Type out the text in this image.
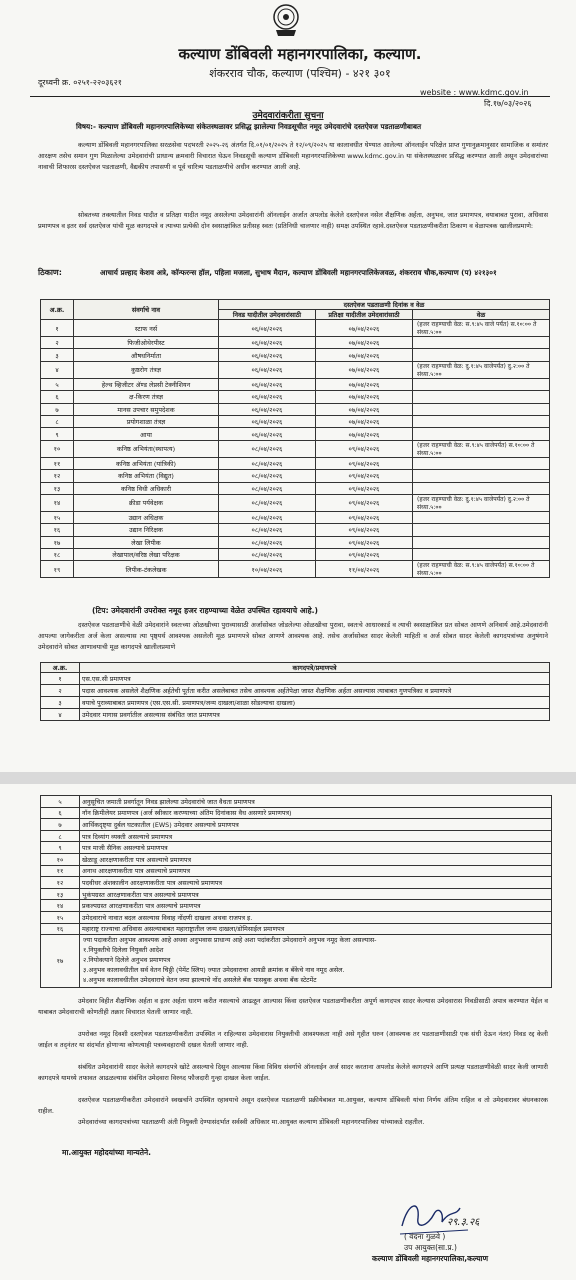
कल्याण डोंबिवली महानगरपालिका, कल्याण.
शंकरराव चौक, कल्याण (पश्चिम) - ४२१ ३०१
दूरध्वनी क्र. ०२५१-२२०३६२१
website : www.kdmc.gov.in
दि.१७/०३/२०२६
उमेदवारांकरीता सुचना
विषय:- कल्याण डोंबिवली महानगरपालिकेच्या संकेतस्थळावर प्रसिद्ध झालेल्या निवडसूचीत नमूद उमेदवारांचे दस्तऐवज पडताळणीबाबत
कल्याण डोंबिवली महानगरपालिका सरळसेवा पदभरती २०२५-२६ अंतर्गत दि.०१/०१/२०२५ ते १२/०९/२०२५ या कालावधीत घेण्यात आलेल्या ऑनलाईन परिक्षेत प्राप्त गुणानुक्रमानुसार सामाजिक व समांतर आरक्षण तसेच समान गुण मिळालेल्या उमेदवारांची प्राधान्य क्रमवारी विचारात घेऊन निवडसूची कल्याण डोंबिवली महानगरपालिकेच्या www.kdmc.gov.in या संकेतस्थळावर प्रसिद्ध करण्यात आली असून उमेदवारांच्या नावाची शिफारस दस्तऐवज पडताळणी, वैद्यकीय तपासणी व पूर्व चारित्र्य पडताळणीचे अधीन करण्यात आली आहे.
सोबतच्या तक्त्यातील निवड यादीत व प्रतिक्षा यादीत नमूद असलेल्या उमेदवारांनी ऑनलाईन अर्जात अपलोड केलेले दस्तऐवज नसेल शैक्षणिक अर्हता, अनुभव, जात प्रमाणपत्र, वयाबाबत पुरावा, अधिवास प्रमाणपत्र व इतर सर्व दस्तऐवज यांची मूळ कागदपत्रे व त्याच्या प्रत्येकी दोन स्वसाक्षांकित प्रतीसह स्वतः (प्रतिनिधी चालणार नाही) समक्ष उपस्थित रहावे.दस्तऐवज पडताळणीकरीता ठिकाण व वेळापत्रक खालीलप्रमाणे:
ठिकाण:	आचार्य प्रल्हाद केशव अत्रे, कॉन्फरन्स हॉल, पहिला मजला, सुभाष मैदान, कल्याण डोंबिवली महानगरपालिकेजवळ, शंकरराव चौक,कल्याण (प) ४२१३०१
अ.क्र.	संवर्गाचे नाव	दस्तऐवज पडताळणी दिनांक व वेळ		
		निवड यादीतील उमेदवारांसाठी	प्रतिक्षा यादीतील उमेदवारांसाठी	वेळ
१	स्टाफ नर्स	०६/०४/२०२६	०७/०४/२०२६	(हजर राहण्याची वेळ: स.९:४५ वाजे पर्यंत) स.१०:०० ते संध्या.५:००
२	फिजीओथेरपीस्ट	०६/०४/२०२६	०७/०४/२०२६	
३	औषधनिर्माता	०६/०४/२०२६	०७/०४/२०२६	
४	कुष्ठरोग तंत्रज्ञ	०६/०४/२०२६	०७/०४/२०२६	(हजर राहण्याची वेळ: दु.१:४५ वाजेपर्यंत) दु.२:०० ते संध्या.५:००
५	हेल्थ व्हिजीटर ॲण्ड लेप्रसी टेक्नीशियन	०६/०४/२०२६	०७/०४/२०२६	
६	क्ष-किरण तंत्रज्ञ	०६/०४/२०२६	०७/०४/२०२६	
७	मानस उपचार समुपदेशक	०६/०४/२०२६	०७/०४/२०२६	
८	प्रयोगशाळा तंत्रज्ञ	०६/०४/२०२६	०७/०४/२०२६	
९	आया	०६/०४/२०२६	०७/०४/२०२६	
१०	कनिष्ठ अभियंता(स्थापत्य)	०८/०४/२०२६	०९/०४/२०२६	(हजर राहण्याची वेळ: स.९:४५ वाजेपर्यंत) स.१०:०० ते संध्या.५:००
११	कनिष्ठ अभियंता (यांत्रिकी)	०८/०४/२०२६	०९/०४/२०२६	
१२	कनिष्ठ अभियंता (विद्युत)	०८/०४/२०२६	०९/०४/२०२६	
१३	कनिष्ठ विधी अधिकारी	०८/०४/२०२६	०९/०४/२०२६	
१४	क्रीडा पर्यवेक्षक	०८/०४/२०२६	०९/०४/२०२६	(हजर राहण्याची वेळ: दु.१:४५ वाजेपर्यंत) दु.२:०० ते संध्या.५:००
१५	उद्यान अधिक्षक	०८/०४/२०२६	०९/०४/२०२६	
१६	उद्यान निरिक्षक	०८/०४/२०२६	०९/०४/२०२६	
१७	लेखा लिपीक	०८/०४/२०२६	०९/०४/२०२६	
१८	लेखापाल/वरिष्ठ लेखा परिक्षक	०८/०४/२०२६	०९/०४/२०२६	
१९	लिपीक-टंकलेखक	१०/०४/२०२६	११/०४/२०२६	(हजर राहण्याची वेळ: स.९:४५ वाजेपर्यंत) स.१०:०० ते संध्या.५:००
(टिप: उमेदवारांनी उपरोक्त नमूद हजर राहण्याच्या वेळेत उपस्थित रहावयाचे आहे.)
दस्तऐवज पडताळणीचे वेळी उमेदवारांने स्वतःच्या ओळखीच्या पुराव्यासाठी अर्जासोबत जोडलेल्या ओळखीचा पुरावा, स्वतःचे आधारकार्ड व त्याची स्वसाक्षांकित प्रत सोबत आणणे अनिवार्य आहे.उमेदवारांनी आपल्या जागेकरीता अर्ज केला असल्यास त्या पृष्ठ्यर्थ आवश्यक असलेली मूळ प्रमाणपत्रे सोबत आणणे आवश्यक आहे. तसेच अर्जासोबत सादर केलेली माहिती व अर्ज सोबत सादर केलेली कागदपत्रांच्या अनुषंगाने उमेदवारांने सोबत आणावयाची मूळ कागदपत्रे खालीलप्रमाणे
अ.क्र.	कागदपत्रे/प्रमाणपत्रे
१	एस.एस.सी प्रमाणपत्र
२	पदास आवश्यक असलेले शैक्षणिक अर्हतेची पूर्तता करीत असलेबाबत तसेच आवश्यक अर्हतेपेक्षा जास्त शैक्षणिक अर्हता असल्यास त्याबाबत गुणपत्रिका व प्रमाणपत्रे
३	वयाचे पुराव्याबाबत प्रमाणपत्र (एस.एस.सी. प्रमाणपत्र/जन्म दाखला/शाळा सोडल्याचा दाखला)
४	उमेदवार मागास प्रवर्गातील असल्यास संबंधित जात प्रमाणपत्र
५	अनुसूचित जमाती प्रवर्गातून निवड झालेल्या उमेदवारांचे जात वैधता प्रमाणपत्र
६	नॉन क्रिमीलेयर प्रमाणपत्र (अर्ज स्वीकार करण्याच्या अंतिम दिनांकास वैध असणारे प्रमाणपत्र)
७	आर्थिकदृष्ट्या दुर्बल घटकातील (EWS) उमेदवार असल्याचे प्रमाणपत्र
८	पात्र दिव्यांग व्यक्ती असल्याचे प्रमाणपत्र
९	पात्र माजी सैनिक असल्याचे प्रमाणपत्र
१०	खेळाडू आरक्षणाकरीता पात्र असल्याचे प्रमाणपत्र
११	अनाथ आरक्षणाकरीता पात्र असल्याचे प्रमाणपत्र
१२	पदवीधर अंशकालीन आरक्षणाकरीता पात्र असल्याचे प्रमाणपत्र
१३	भुकंपग्रस्त आरक्षणाकरीता पात्र असल्याचे प्रमाणपत्र
१४	प्रकल्पग्रस्त आरक्षणाकरीता पात्र असल्याचे प्रमाणपत्र
१५	उमेदवाराचे नावात बदल असल्यास विवाह नोंदणी दाखला अथवा राजपत्र इ.
१६	महाराष्ट्र राज्याचा अधिवास असल्याबाबत महाराष्ट्रातील जन्म दाखला/डोमिसाईल प्रमाणपत्र
१७	ज्या पदाकरीता अनुभव आवश्यक आहे अथवा अनुभवास प्राधान्य आहे अशा पदांकरीता उमेदवाराने अनुभव नमूद केला असल्यास-
१.नियुक्तीचे दिलेला नियुक्ती आदेश
२.नियोक्त्याने दिलेले अनुभव प्रमाणपत्र
३.अनुभव कालावधीतील सर्व वेतन चिठ्ठी (पेमेंट स्लिप) ज्यात उमेदवाराचा आयडी क्रमांक व बँकेचे नाव नमूद असेल.
४.अनुभव कालावधीतील उमेदवाराचे वेतन जमा झाल्याचे नोंद असलेले बँक पासबुक अथवा बँक स्टेटमेंट
उमेदवार विहीत शैक्षणिक अर्हता व इतर अर्हता धारण करीत नसल्याचे आढळून आल्यास किंवा दस्तऐवज पडताळणीकरीता अपूर्ण कागदपत्र सादर केल्यास उमेदवारास निवडीसाठी अपात्र करण्यात येईल व याबाबत उमेदवाराची कोणतीही तक्रार विचारात घेतली जाणार नाही.
उपरोक्त नमूद दिवशी दस्तऐवज पडताळणीकरीता उपस्थित न राहिल्यास उमेदवारास नियुक्तीची आवश्यकता नाही असे गृहीत धरुन (आवश्यक तर पडताळणीसाठी एक संधी देऊन नंतर) निवड रद्द केली जाईल व तद्नंतर या संदर्भात होणाऱ्या कोणत्याही पत्रव्यवहाराची दखल घेतली जाणार नाही.
संबंधित उमेदवारांनी सादर केलेले कागदपत्रे खोटे असल्याचे दिसून आल्यास किंवा विविध संवर्गाचे ऑनलाईन अर्ज सादर करताना अपलोड केलेले कागदपत्रे आणि प्रत्यक्ष पडताळणीवेळी सादर केली जाणारी कागदपत्रे यामध्ये तफावत आढळल्यास संबंधित उमेदवारा विरुध्द फौजदारी गुन्हा दाखल केला जाईल.
दस्तऐवज पडताळणीकरीता उमेदवारांने स्वखर्चाने उपस्थित रहावयाचे असून दस्तऐवज पडताळणी प्रक्रीयेबाबत मा.आयुक्त, कल्याण डोंबिवली यांचा निर्णय अंतिम राहिल व तो उमेदवारावर बंधनकारक राहील.
उमेदवारांच्या कागदपत्रांच्या पडताळणी अंती नियुक्ती देण्यासंदर्भात सर्वस्वी अधिकार मा.आयुक्त कल्याण डोंबिवली महानगरपालिका यांच्याकडे राहतील.
मा.आयुक्त महोदयांच्या मान्यतेने.
२९.३.२६
( वंदना गुळवे )
उप आयुक्त(सा.प्र.)
कल्याण डोंबिवली महानगरपालिका,कल्याण
